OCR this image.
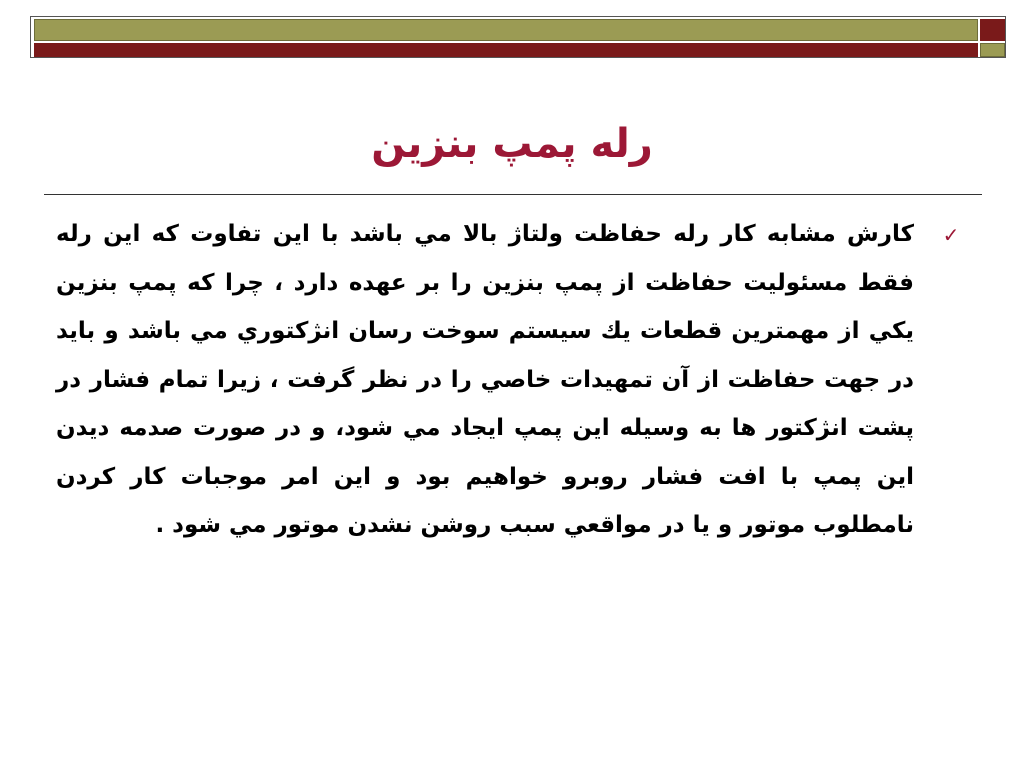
رله پمپ بنزين
✓

کارش مشابه کار رله حفاظت ولتاژ بالا مي باشد با اين تفاوت که اين رله فقط مسئوليت حفاظت از پمپ بنزين را بر عهده دارد ، چرا که پمپ بنزين يکي از مهمترين قطعات يك سيستم سوخت رسان انژکتوري مي باشد و بايد در جهت حفاظت از آن تمهيدات خاصي را در نظر گرفت ، زيرا تمام فشار در پشت انژکتور ها به وسيله اين پمپ ايجاد مي شود، و در صورت صدمه ديدن اين پمپ با افت فشار روبرو خواهيم بود و اين امر موجبات کار کردن نامطلوب موتور و يا در مواقعي سبب روشن نشدن موتور مي شود .
